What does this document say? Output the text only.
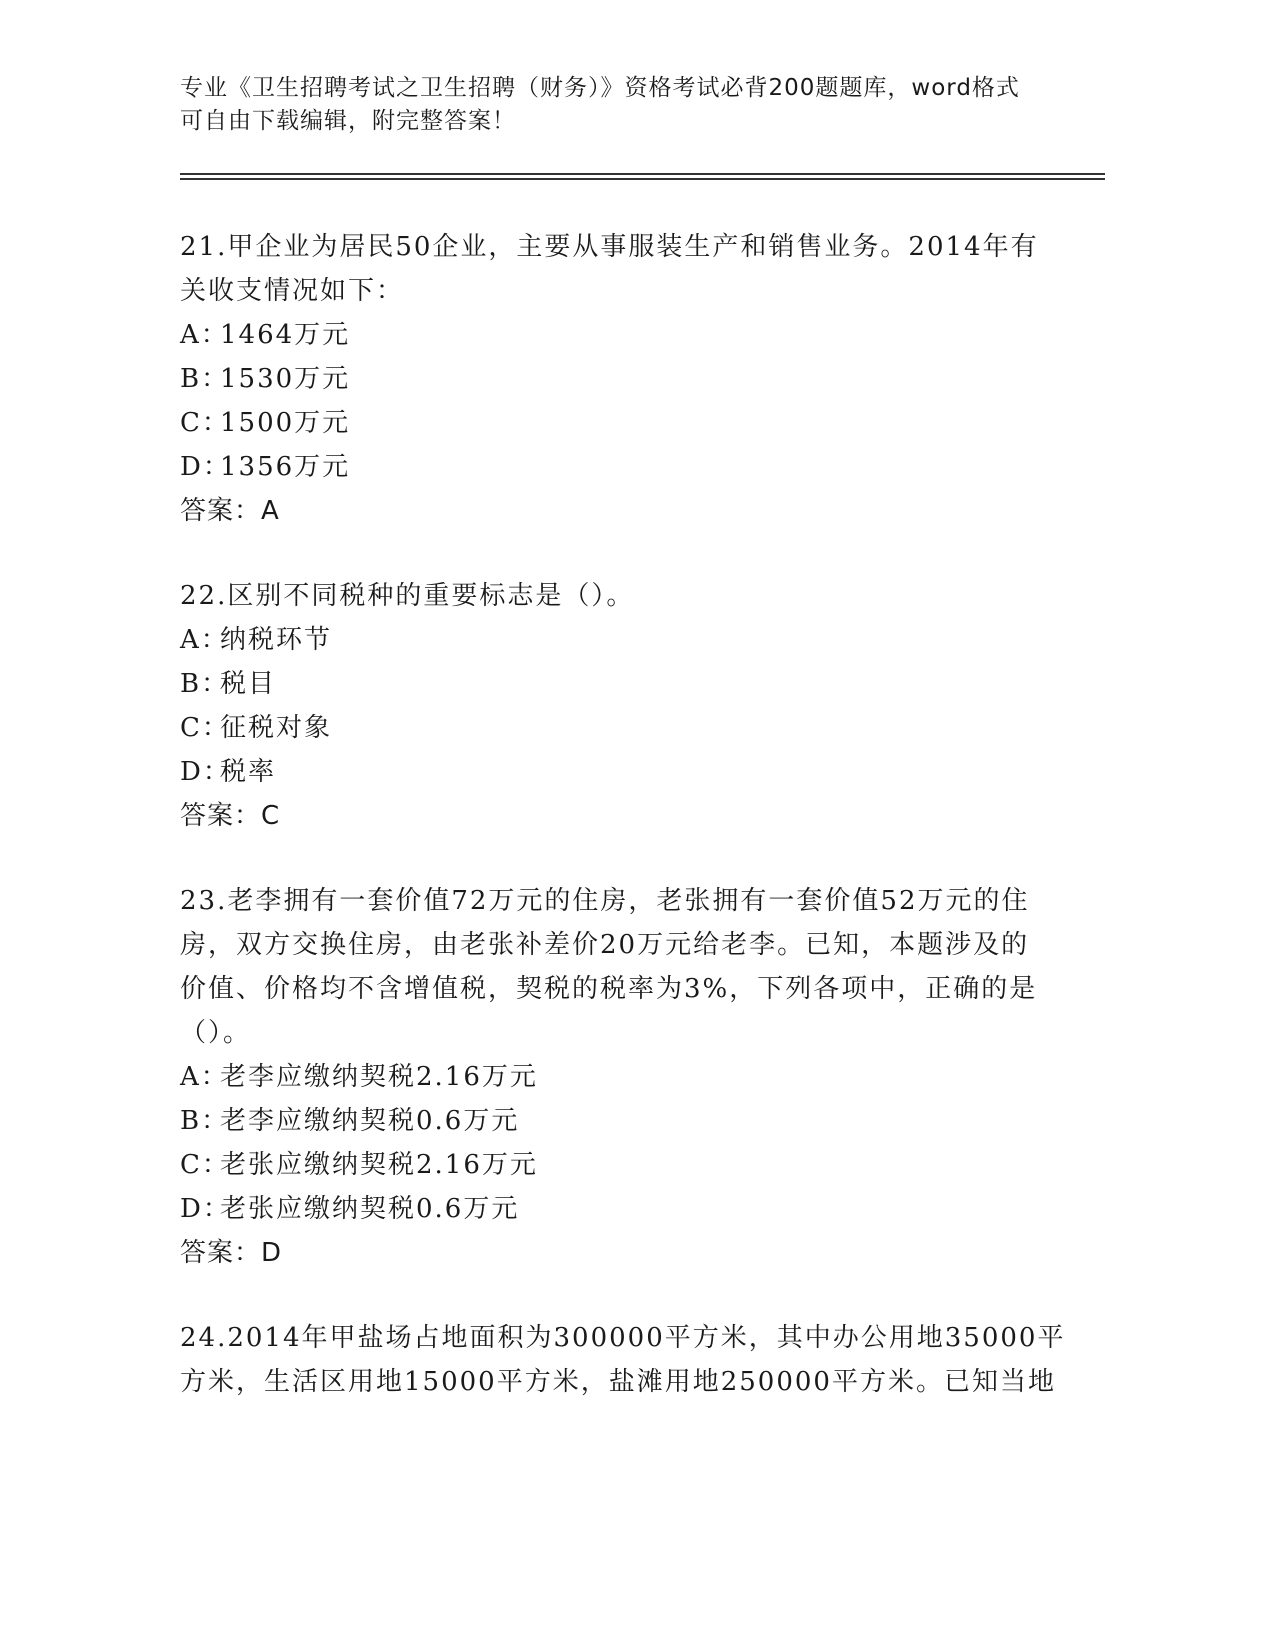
专业《卫生招聘考试之卫生招聘（财务）》资格考试必背200题题库，word格式
可自由下载编辑，附完整答案！
21.甲企业为居民50企业，主要从事服装生产和销售业务。2014年有
关收支情况如下：
A：1464万元
B：1530万元
C：1500万元
D：1356万元
答案：A
22.区别不同税种的重要标志是（）。
A：纳税环节
B：税目
C：征税对象
D：税率
答案：C
23.老李拥有一套价值72万元的住房，老张拥有一套价值52万元的住
房，双方交换住房，由老张补差价20万元给老李。已知，本题涉及的
价值、价格均不含增值税，契税的税率为3%，下列各项中，正确的是
（）。
A：老李应缴纳契税2.16万元
B：老李应缴纳契税0.6万元
C：老张应缴纳契税2.16万元
D：老张应缴纳契税0.6万元
答案：D
24.2014年甲盐场占地面积为300000平方米，其中办公用地35000平
方米，生活区用地15000平方米，盐滩用地250000平方米。已知当地
